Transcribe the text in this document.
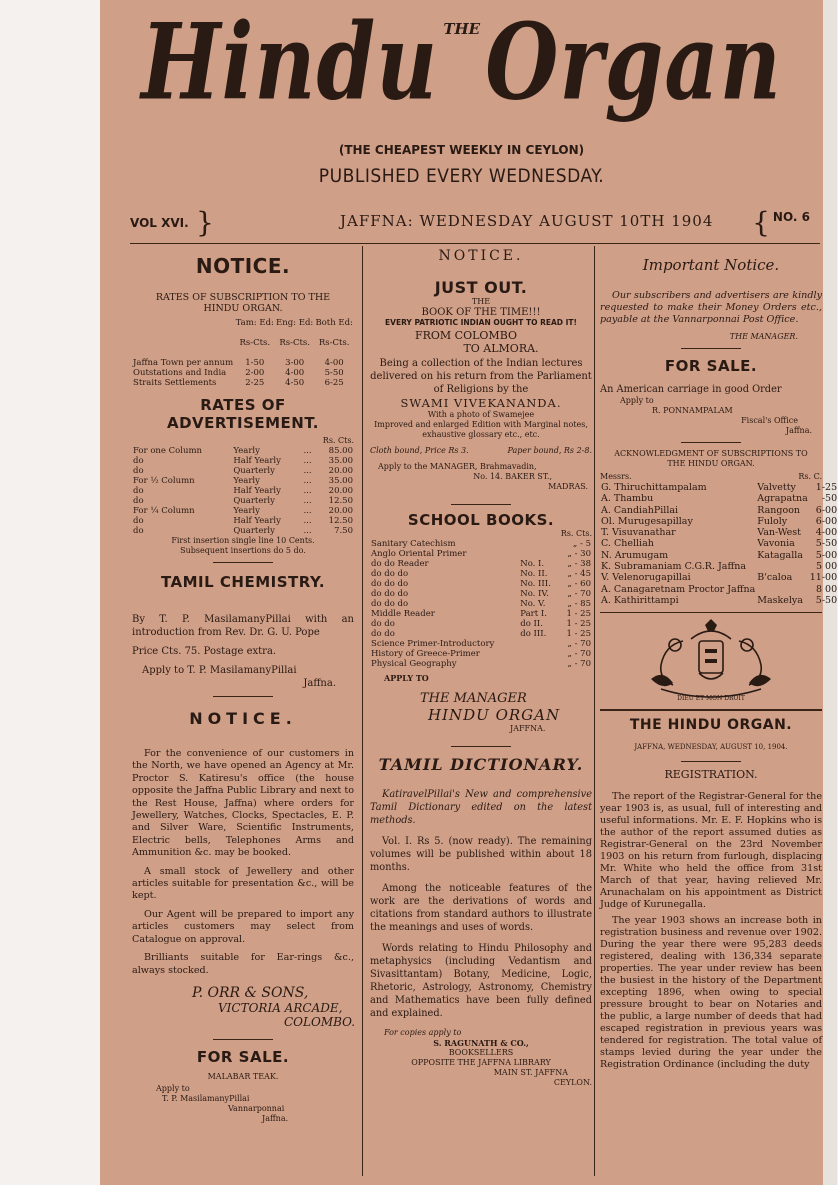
Hindu THE Organ
(THE CHEAPEST WEEKLY IN CEYLON)
PUBLISHED EVERY WEDNESDAY.
VOL XVI. }	JAFFNA: WEDNESDAY AUGUST 10TH 1904 { NO. 6
NOTICE.
RATES OF SUBSCRIPTION TO THE HINDU ORGAN.
	Tam: Ed:	Eng: Ed:	Both Ed:

	Rs-Cts.	Rs-Cts.	Rs-Cts.

Jaffna Town per annum	1-50	3-00	4-00
Outstations and India	2-00	4-00	5-50
Straits Settlements	2-25	4-50	6-25
RATES OF ADVERTISEMENT.
Rs. Cts.
For one Column	Yearly	...	85.00
do	Half Yearly	...	35.00
do	Quarterly	...	20.00
For ½ Column	Yearly	...	35.00
do	Half Yearly	...	20.00
do	Quarterly	...	12.50
For ¼ Column	Yearly	...	20.00
do	Half Yearly	...	12.50
do	Quarterly	...	7.50
First insertion single line 10 Cents.
Subsequent insertions do 5 do.
TAMIL CHEMISTRY.
By T. P. MasilamanyPillai with an introduction from Rev. Dr. G. U. Pope
Price Cts. 75. Postage extra.
Apply to T. P. MasilamanyPillai
Jaffna.
NOTICE.
For the convenience of our customers in the North, we have opened an Agency at Mr. Proctor S. Katiresu's office (the house opposite the Jaffna Public Library and next to the Rest House, Jaffna) where orders for Jewellery, Watches, Clocks, Spectacles, E. P. and Silver Ware, Scientific Instruments, Electric bells, Telephones Arms and Ammunition &c. may be booked.
A small stock of Jewellery and other articles suitable for presentation &c., will be kept.
Our Agent will be prepared to import any articles customers may select from Catalogue on approval.
Brilliants suitable for Ear-rings &c., always stocked.
P. ORR & SONS,
VICTORIA ARCADE,
COLOMBO.
FOR SALE.
MALABAR TEAK.
Apply to
T. P. MasilamanyPillai
Vannarponnai
Jaffna.
NOTICE.
JUST OUT.
THE
BOOK OF THE TIME!!!
EVERY PATRIOTIC INDIAN OUGHT TO READ IT!
FROM COLOMBO
TO ALMORA.
Being a collection of the Indian lectures delivered on his return from the Parliament of Religions by the
SWAMI VIVEKANANDA.
With a photo of Swamejee
Improved and enlarged Edition with Marginal notes, exhaustive glossary etc., etc.
Cloth bound, Price Rs 3.	Paper bound, Rs 2-8.
Apply to the MANAGER, Brahmavadin,
No. 14. BAKER ST.,
MADRAS.
SCHOOL BOOKS.
Rs. Cts.
Sanitary Catechism			„ - 5
Anglo Oriental Primer			„ - 30
do do Reader	No. I.		„ - 38
do do do	No. II.		„ - 45
do do do	No. III.		„ - 60
do do do	No. IV.		„ - 70
do do do	No. V.		„ - 85
Middle Reader	Part I.		1 - 25
do do	do II.		1 - 25
do do	do III.		1 - 25
Science Primer-Introductory			„ - 70
History of Greece-Primer			„ - 70
Physical Geography			„ - 70
APPLY TO
THE MANAGER
HINDU ORGAN
JAFFNA.
TAMIL DICTIONARY.
KatiravelPillai's New and comprehensive Tamil Dictionary edited on the latest methods.
Vol. I. Rs 5. (now ready). The remaining volumes will be published within about 18 months.
Among the noticeable features of the work are the derivations of words and citations from standard authors to illustrate the meanings and uses of words.
Words relating to Hindu Philosophy and metaphysics (including Vedantism and Sivasittantam) Botany, Medicine, Logic, Rhetoric, Astrology, Astronomy, Chemistry and Mathematics have been fully defined and explained.
For copies apply to
S. RAGUNATH & CO.,
BOOKSELLERS
OPPOSITE THE JAFFNA LIBRARY
MAIN ST. JAFFNA
CEYLON.
Important Notice.
Our subscribers and advertisers are kindly requested to make their Money Orders etc., payable at the Vannarponnai Post Office.
THE MANAGER.
FOR SALE.
An American carriage in good Order
Apply to
R. PONNAMPALAM
Fiscal's Office
Jaffna.
ACKNOWLEDGMENT OF SUBSCRIPTIONS TO THE HINDU ORGAN.
Messrs.	Rs. C.
G. Thiruchittampalam	Valvetty	1-25
A. Thambu	Agrapatna	-50
A. CandiahPillai	Rangoon	6-00
Ol. Murugesapillay	Fuloly	6-00
T. Visuvanathar	Van-West	4-00
C. Chelliah	Vavonia	5-50
N. Arumugam	Katagalla	5-00
K. Subramaniam C.G.R. Jaffna		5 00
V. Velenorugapillai	B'caloa	11-00
A. Canagaretnam Proctor Jaffna		8 00
A. Kathirittampi	Maskelya	5-50
DIEU ET MON DROIT
THE HINDU ORGAN.
JAFFNA, WEDNESDAY, AUGUST 10, 1904.
REGISTRATION.
The report of the Registrar-General for the year 1903 is, as usual, full of interesting and useful informations. Mr. E. F. Hopkins who is the author of the report assumed duties as Registrar-General on the 23rd November 1903 on his return from furlough, displacing Mr. White who held the office from 31st March of that year, having relieved Mr. Arunachalam on his appointment as District Judge of Kurunegalla.
The year 1903 shows an increase both in registration business and revenue over 1902. During the year there were 95,283 deeds registered, dealing with 136,334 separate properties. The year under review has been the busiest in the history of the Department excepting 1896, when owing to special pressure brought to bear on Notaries and the public, a large number of deeds that had escaped registration in previous years was tendered for registration. The total value of stamps levied during the year under the Registration Ordinance (including the duty
